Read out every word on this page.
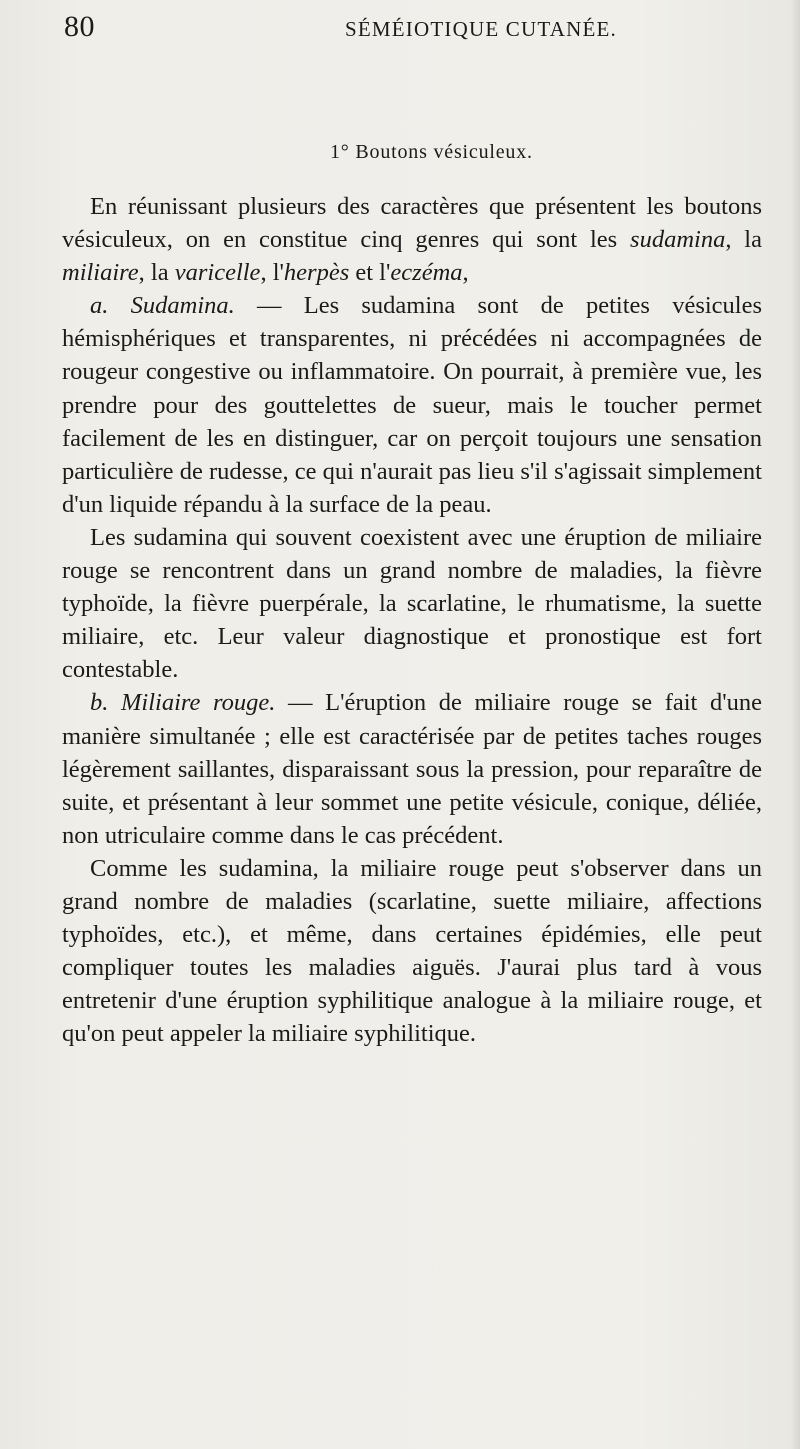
80	SÉMÉIOTIQUE CUTANÉE.
1° Boutons vésiculeux.

En réunissant plusieurs des caractères que présentent les boutons vésiculeux, on en constitue cinq genres qui sont les sudamina, la miliaire, la varicelle, l'herpès et l'eczéma,

a. Sudamina. — Les sudamina sont de petites vésicules hémisphériques et transparentes, ni précédées ni accompagnées de rougeur congestive ou inflammatoire. On pourrait, à première vue, les prendre pour des gouttelettes de sueur, mais le toucher permet facilement de les en distinguer, car on perçoit toujours une sensation particulière de rudesse, ce qui n'aurait pas lieu s'il s'agissait simplement d'un liquide répandu à la surface de la peau.

Les sudamina qui souvent coexistent avec une éruption de miliaire rouge se rencontrent dans un grand nombre de maladies, la fièvre typhoïde, la fièvre puerpérale, la scarlatine, le rhumatisme, la suette miliaire, etc. Leur valeur diagnostique et pronostique est fort contestable.

b. Miliaire rouge. — L'éruption de miliaire rouge se fait d'une manière simultanée ; elle est caractérisée par de petites taches rouges légèrement saillantes, disparaissant sous la pression, pour reparaître de suite, et présentant à leur sommet une petite vésicule, conique, déliée, non utriculaire comme dans le cas précédent.

Comme les sudamina, la miliaire rouge peut s'observer dans un grand nombre de maladies (scarlatine, suette miliaire, affections typhoïdes, etc.), et même, dans certaines épidémies, elle peut compliquer toutes les maladies aiguës. J'aurai plus tard à vous entretenir d'une éruption syphilitique analogue à la miliaire rouge, et qu'on peut appeler la miliaire syphilitique.
